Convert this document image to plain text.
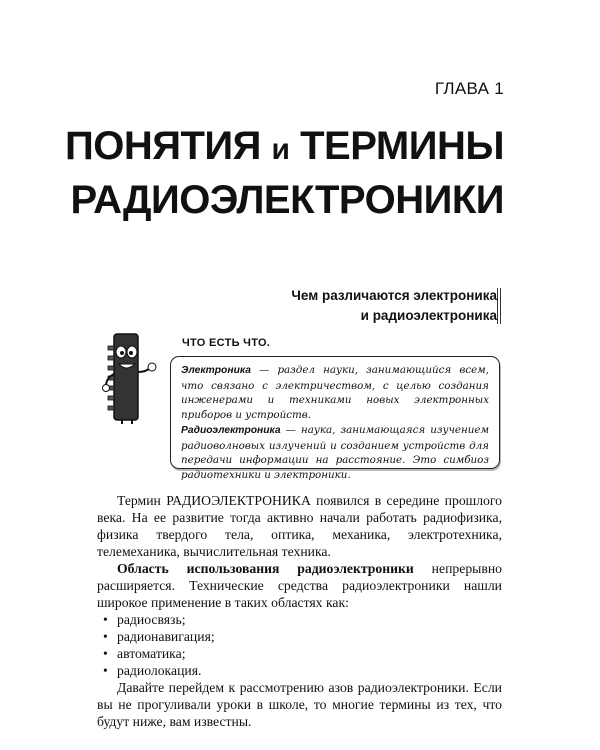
ГЛАВА 1
ПОНЯТИЯ и ТЕРМИНЫ
РАДИОЭЛЕКТРОНИКИ
Чем различаются электроника
и радиоэлектроника
ЧТО ЕСТЬ ЧТО.

Электроника — раздел науки, занимающийся всем, что связано с электричеством, с целью создания инженерами и техниками новых электронных приборов и устройств.

Радиоэлектроника — наука, занимающаяся изучением радиоволновых излучений и созданием устройств для передачи информации на расстояние. Это симбиоз радиотехники и электроники.

Термин РАДИОЭЛЕКТРОНИКА появился в середине прошлого века. На ее развитие тогда активно начали работать радиофизика, физика твердого тела, оптика, механика, электротехника, телемеханика, вычислительная техника.

Область использования радиоэлектроники непрерывно расширяется. Технические средства радиоэлектроники нашли широкое применение в таких областях как:

• радиосвязь;
• радионавигация;
• автоматика;
• радиолокация.

Давайте перейдем к рассмотрению азов радиоэлектроники. Если вы не прогуливали уроки в школе, то многие термины из тех, что будут ниже, вам известны.
